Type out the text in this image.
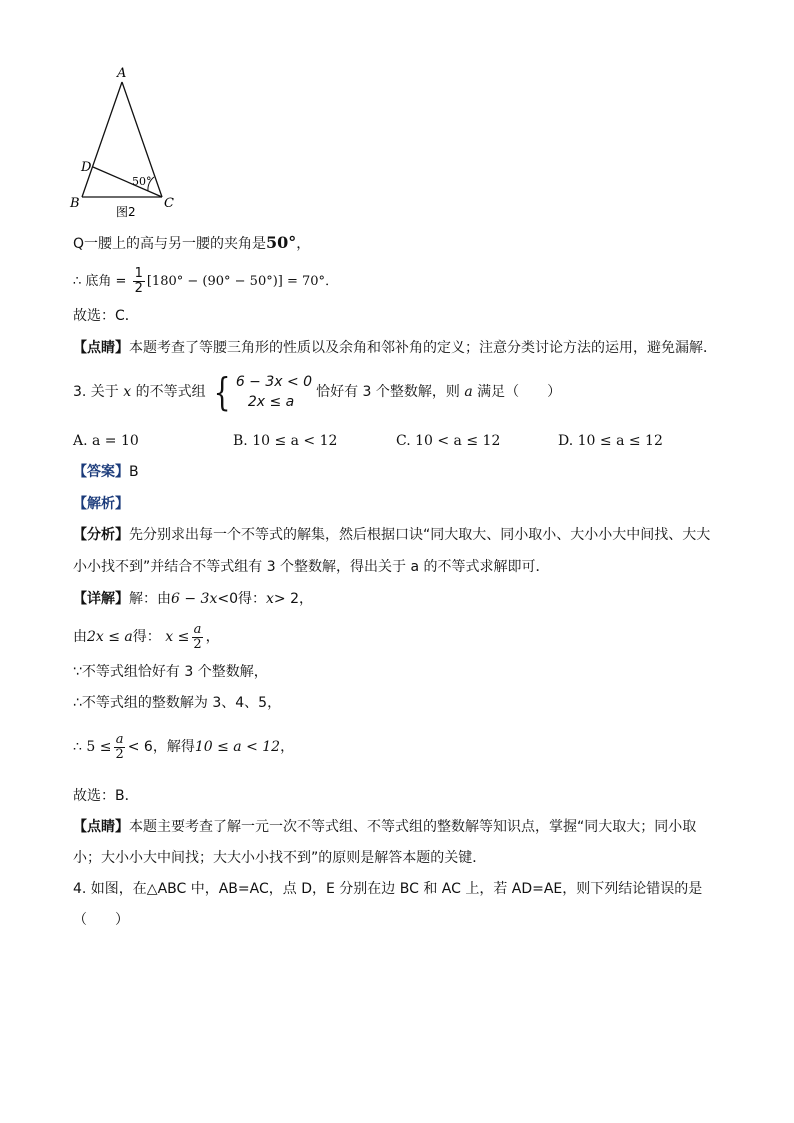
A
B	C
D
50°
图2
Q一腰上的高与另一腰的夹角是50°，
∴ 底角 = $\frac{1}{2} [180^\circ - (90^\circ - 50^\circ)] = 70^\circ$．
故选：C．
【点睛】本题考查了等腰三角形的性质以及余角和邻补角的定义；注意分类讨论方法的运用，避免漏解．
3. 关于
x
的不等式组 { 6 − 3x < 0
2x ≤ a
恰好有 3 个整数解，则
a
满足（　　）
A. a = 10	B. 10 ≤ a < 12	C. 10 < a ≤ 12	D. 10 ≤ a ≤ 12
【答案】B
【解析】
【分析】先分别求出每一个不等式的解集，然后根据口诀“同大取大、同小取小、大小小大中间找、大大
小小找不到”并结合不等式组有 3 个整数解，得出关于 a 的不等式求解即可．
【详解】解：由6 − 3x<0得：x> 2，
由 2x ≤ a 得：
$x \le \frac{a}{2}$ ，
∵不等式组恰好有 3 个整数解，
∴不等式组的整数解为 3、4、5，
∴ $5 \le \frac{a}{2} < 6$ ，解得 10 ≤ a < 12 ，
故选：B．
【点睛】本题主要考查了解一元一次不等式组、不等式组的整数解等知识点，掌握“同大取大；同小取
小；大小小大中间找；大大小小找不到”的原则是解答本题的关键．
4. 如图，在△ABC 中，AB=AC，点 D，E 分别在边 BC 和 AC 上，若 AD=AE，则下列结论错误的是
（　　）
